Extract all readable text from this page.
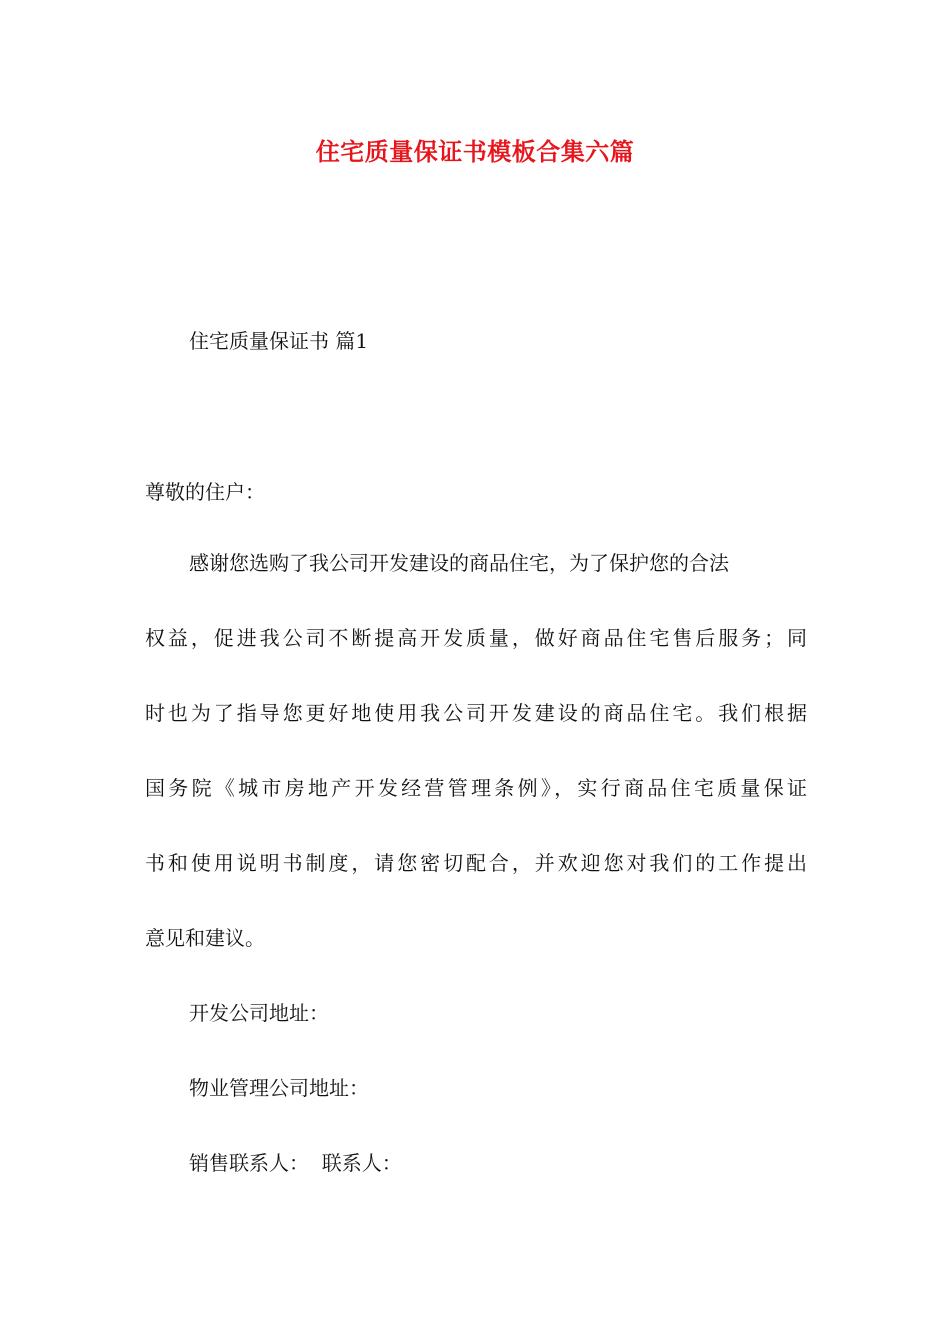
住宅质量保证书模板合集六篇
住宅质量保证书 篇1
尊敬的住户：
感谢您选购了我公司开发建设的商品住宅，为了保护您的合法
权益，促进我公司不断提高开发质量，做好商品住宅售后服务；同
时也为了指导您更好地使用我公司开发建设的商品住宅。我们根据
国务院《城市房地产开发经营管理条例》，实行商品住宅质量保证
书和使用说明书制度，请您密切配合，并欢迎您对我们的工作提出
意见和建议。
开发公司地址：
物业管理公司地址：
销售联系人：  联系人：
